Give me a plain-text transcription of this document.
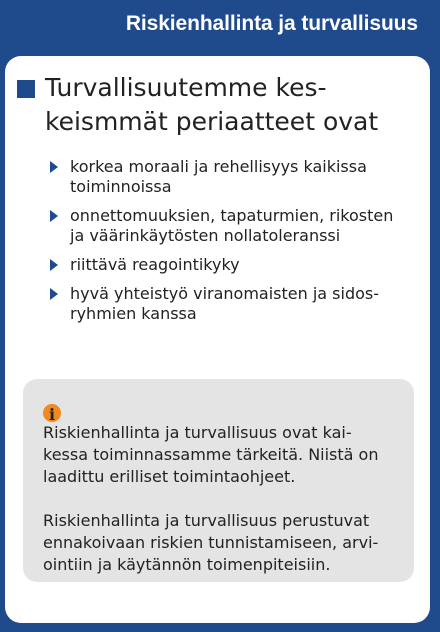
Riskienhallinta ja turvallisuus
Turvallisuutemme kes-
keismmät periaatteet ovat
korkea moraali ja rehellisyys kaikissa
toiminnoissa
onnettomuuksien, tapaturmien, rikosten
ja väärinkäytösten nollatoleranssi
riittävä reagointikyky
hyvä yhteistyö viranomaisten ja sidos-
ryhmien kanssa

i
Riskienhallinta ja turvallisuus ovat kai-
kessa toiminnassamme tärkeitä. Niistä on
laadittu erilliset toimintaohjeet.

Riskienhallinta ja turvallisuus perustuvat
ennakoivaan riskien tunnistamiseen, arvi-
ointiin ja käytännön toimenpiteisiin.
